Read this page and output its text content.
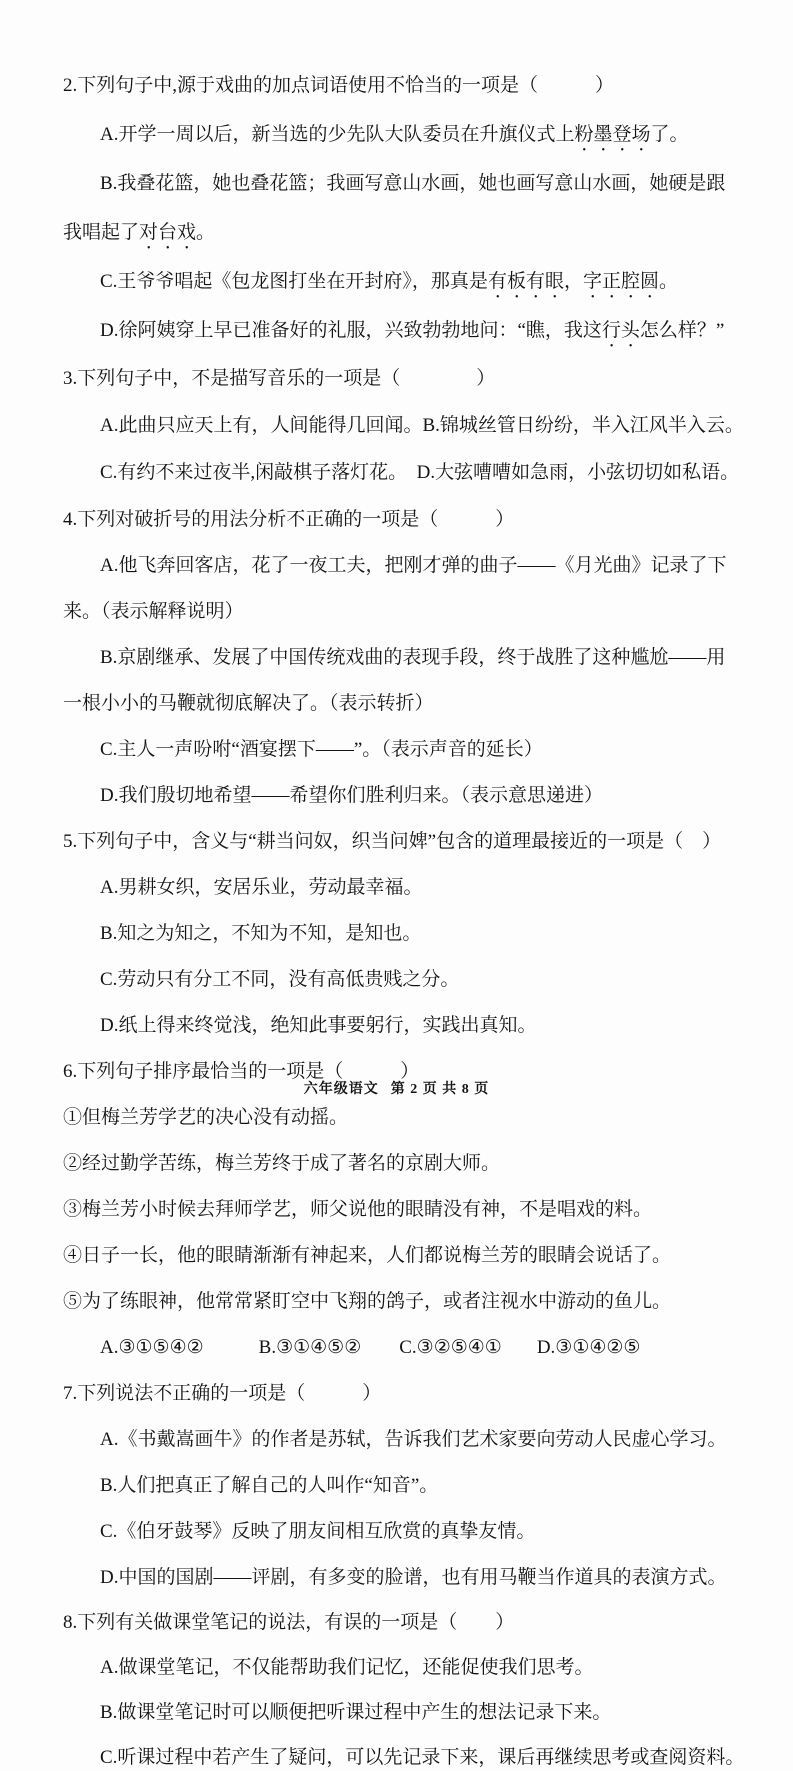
2.下列句子中,源于戏曲的加点词语使用不恰当的一项是（　　　）

A.开学一周以后，新当选的少先队大队委员在升旗仪式上粉墨登场了。

B.我叠花篮，她也叠花篮；我画写意山水画，她也画写意山水画，她硬是跟

我唱起了对台戏。

C.王爷爷唱起《包龙图打坐在开封府》，那真是有板有眼，字正腔圆。

D.徐阿姨穿上早已准备好的礼服，兴致勃勃地问：“瞧，我这行头怎么样？”

3.下列句子中，不是描写音乐的一项是（　　　　）

A.此曲只应天上有，人间能得几回闻。B.锦城丝管日纷纷，半入江风半入云。

C.有约不来过夜半,闲敲棋子落灯花。　D.大弦嘈嘈如急雨，小弦切切如私语。

4.下列对破折号的用法分析不正确的一项是（　　　）

A.他飞奔回客店，花了一夜工夫，把刚才弹的曲子——《月光曲》记录了下

来。（表示解释说明）

B.京剧继承、发展了中国传统戏曲的表现手段，终于战胜了这种尴尬——用

一根小小的马鞭就彻底解决了。（表示转折）

C.主人一声吩咐“酒宴摆下——”。（表示声音的延长）

D.我们殷切地希望——希望你们胜利归来。（表示意思递进）

5.下列句子中，含义与“耕当问奴，织当问婢”包含的道理最接近的一项是（　）

A.男耕女织，安居乐业，劳动最幸福。

B.知之为知之，不知为不知，是知也。

C.劳动只有分工不同，没有高低贵贱之分。

D.纸上得来终觉浅，绝知此事要躬行，实践出真知。

6.下列句子排序最恰当的一项是（　　　）

①但梅兰芳学艺的决心没有动摇。

②经过勤学苦练，梅兰芳终于成了著名的京剧大师。

③梅兰芳小时候去拜师学艺，师父说他的眼睛没有神，不是唱戏的料。

④日子一长，他的眼睛渐渐有神起来，人们都说梅兰芳的眼睛会说话了。

⑤为了练眼神，他常常紧盯空中飞翔的鸽子，或者注视水中游动的鱼儿。

A.③①⑤④②	B.③①④⑤② C.③②⑤④① D.③①④②⑤

7.下列说法不正确的一项是（　　　）

A.《书戴嵩画牛》的作者是苏轼，告诉我们艺术家要向劳动人民虚心学习。

B.人们把真正了解自己的人叫作“知音”。

C.《伯牙鼓琴》反映了朋友间相互欣赏的真挚友情。

D.中国的国剧——评剧，有多变的脸谱，也有用马鞭当作道具的表演方式。

8.下列有关做课堂笔记的说法，有误的一项是（　　）

A.做课堂笔记，不仅能帮助我们记忆，还能促使我们思考。

B.做课堂笔记时可以顺便把听课过程中产生的想法记录下来。

C.听课过程中若产生了疑问，可以先记录下来，课后再继续思考或查阅资料。

六年级语文 第 2 页 共 8 页
